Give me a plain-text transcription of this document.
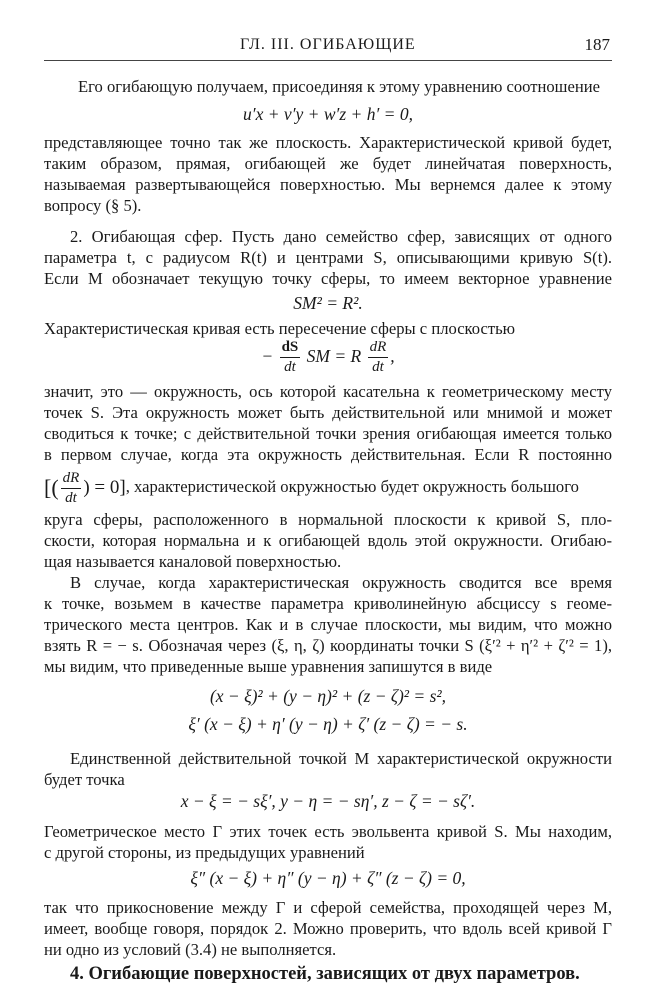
ГЛ. III. ОГИБАЮЩИЕ	187
Его огибающую получаем, присоединяя к этому уравнению соотношение
u′x + v′y + w′z + h′ = 0,
представляющее точно так же плоскость. Характеристической кривой будет,
таким образом, прямая, огибающей же будет линейчатая поверхность,
называемая развертывающейся поверхностью. Мы вернемся далее к этому
вопросу (§ 5).
2. Огибающая сфер. Пусть дано семейство сфер, зависящих от одного
параметра t, с радиусом R(t) и центрами S, описывающими кривую S(t).
Если M обозначает текущую точку сферы, то имеем векторное уравнение
SM² = R².
Характеристическая кривая есть пересечение сферы с плоскостью
− $\frac{dS}{dt}$ SM = R $\frac{dR}{dt}$ ,
значит, это — окружность, ось которой касательна к геометрическому месту
точек S. Эта окружность может быть действительной или мнимой и может
сводиться к точке; с действительной точки зрения огибающая имеется только
в первом случае, когда эта окружность действительная. Если R постоянно
[( $\frac{dR}{dt}$ ) = 0], характеристической окружностью будет окружность большого
круга сферы, расположенного в нормальной плоскости к кривой S, пло-
скости, которая нормальна и к огибающей вдоль этой окружности. Огибаю-
щая называется каналовой поверхностью.
В случае, когда характеристическая окружность сводится все время
к точке, возьмем в качестве параметра криволинейную абсциссу s геоме-
трического места центров. Как и в случае плоскости, мы видим, что можно
взять R = − s. Обозначая через (ξ, η, ζ) координаты точки S (ξ′² + η′² + ζ′² = 1),
мы видим, что приведенные выше уравнения запишутся в виде
(x − ξ)² + (y − η)² + (z − ζ)² = s²,
ξ′ (x − ξ) + η′ (y − η) + ζ′ (z − ζ) = − s.
Единственной действительной точкой M характеристической окружности
будет точка
x − ξ = − sξ′, y − η = − sη′, z − ζ = − sζ′.
Геометрическое место Γ этих точек есть эвольвента кривой S. Мы находим,
с другой стороны, из предыдущих уравнений
ξ″ (x − ξ) + η″ (y − η) + ζ″ (z − ζ) = 0,
так что прикосновение между Γ и сферой семейства, проходящей через M,
имеет, вообще говоря, порядок 2. Можно проверить, что вдоль всей кривой Γ
ни одно из условий (3.4) не выполняется.
4. Огибающие поверхностей, зависящих от двух параметров.
